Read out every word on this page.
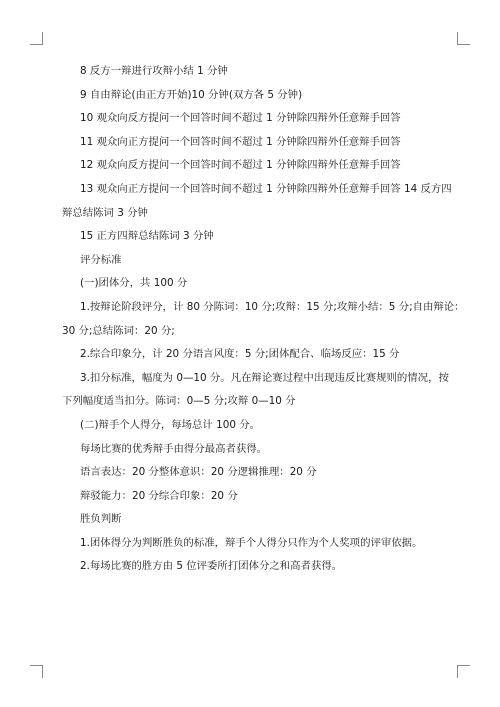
8 反方一辩进行攻辩小结 1 分钟

9 自由辩论(由正方开始)10 分钟(双方各 5 分钟)

10 观众向反方提问一个回答时间不超过 1 分钟除四辩外任意辩手回答

11 观众向正方提问一个回答时间不超过 1 分钟除四辩外任意辩手回答

12 观众向反方提问一个回答时间不超过 1 分钟除四辩外任意辩手回答

13 观众向正方提问一个回答时间不超过 1 分钟除四辩外任意辩手回答 14 反方四

辩总结陈词 3 分钟

15 正方四辩总结陈词 3 分钟

评分标准

(一)团体分，共 100 分

1.按辩论阶段评分，计 80 分陈词：10 分;攻辩：15 分;攻辩小结：5 分;自由辩论：

30 分;总结陈词：20 分;

2.综合印象分，计 20 分语言风度：5 分;团体配合、临场反应：15 分

3.扣分标准，幅度为 0—10 分。凡在辩论赛过程中出现违反比赛规则的情况，按

下列幅度适当扣分。陈词：0—5 分;攻辩 0—10 分

(二)辩手个人得分，每场总计 100 分。

每场比赛的优秀辩手由得分最高者获得。

语言表达：20 分整体意识：20 分逻辑推理：20 分

辩驳能力：20 分综合印象：20 分

胜负判断

1.团体得分为判断胜负的标准，辩手个人得分只作为个人奖项的评审依据。

2.每场比赛的胜方由 5 位评委所打团体分之和高者获得。
